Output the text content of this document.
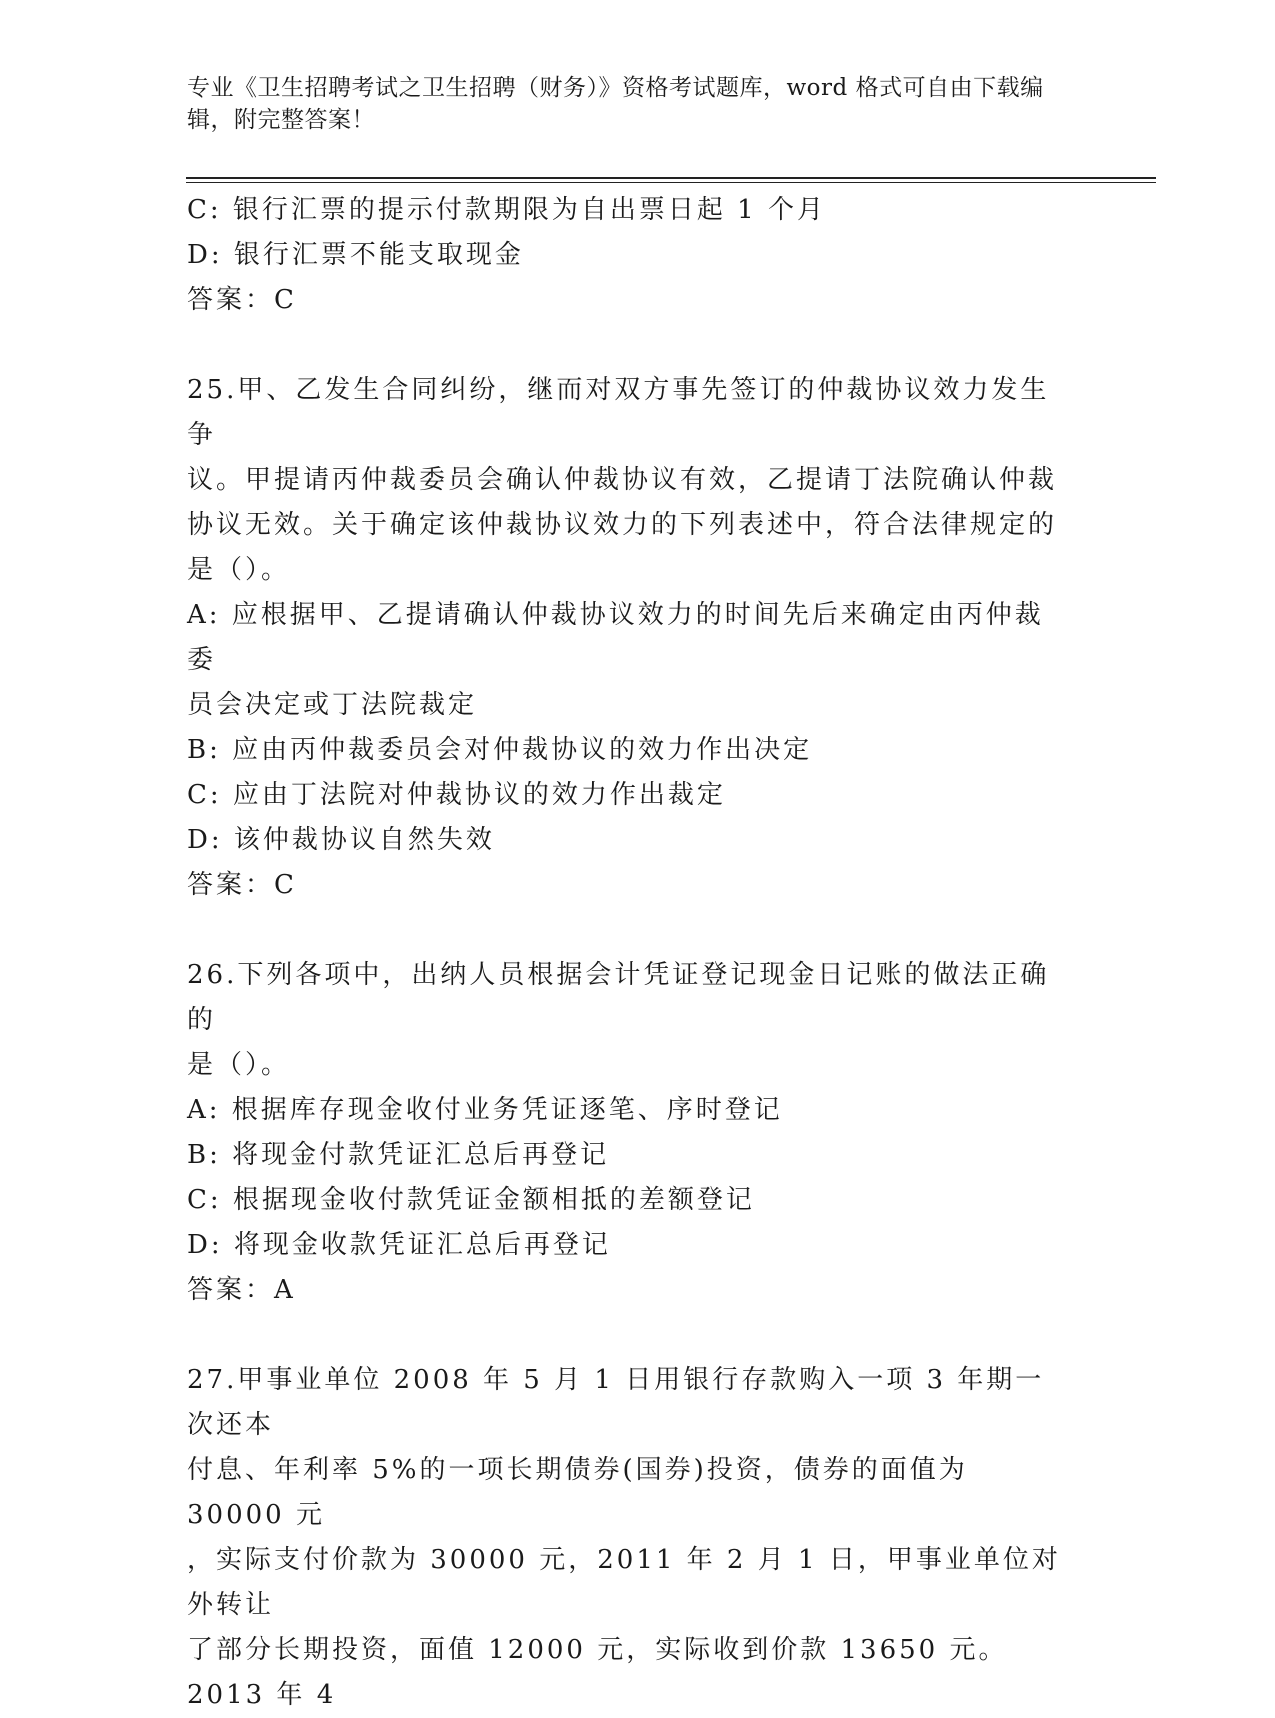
专业《卫生招聘考试之卫生招聘（财务）》资格考试题库，word 格式可自由下载编辑，附完整答案！

C: 银行汇票的提示付款期限为自出票日起 1 个月

D: 银行汇票不能支取现金

答案：C

25.甲、乙发生合同纠纷，继而对双方事先签订的仲裁协议效力发生争

议。甲提请丙仲裁委员会确认仲裁协议有效，乙提请丁法院确认仲裁

协议无效。关于确定该仲裁协议效力的下列表述中，符合法律规定的

是（）。

A: 应根据甲、乙提请确认仲裁协议效力的时间先后来确定由丙仲裁委

员会决定或丁法院裁定

B: 应由丙仲裁委员会对仲裁协议的效力作出决定

C: 应由丁法院对仲裁协议的效力作出裁定

D: 该仲裁协议自然失效

答案：C

26.下列各项中，出纳人员根据会计凭证登记现金日记账的做法正确的

是（）。

A: 根据库存现金收付业务凭证逐笔、序时登记

B: 将现金付款凭证汇总后再登记

C: 根据现金收付款凭证金额相抵的差额登记

D: 将现金收款凭证汇总后再登记

答案：A

27.甲事业单位 2008 年 5 月 1 日用银行存款购入一项 3 年期一次还本

付息、年利率 5%的一项长期债券(国券)投资，债券的面值为 30000 元

，实际支付价款为 30000 元，2011 年 2 月 1 日，甲事业单位对外转让

了部分长期投资，面值 12000 元，实际收到价款 13650 元。2013 年 4
